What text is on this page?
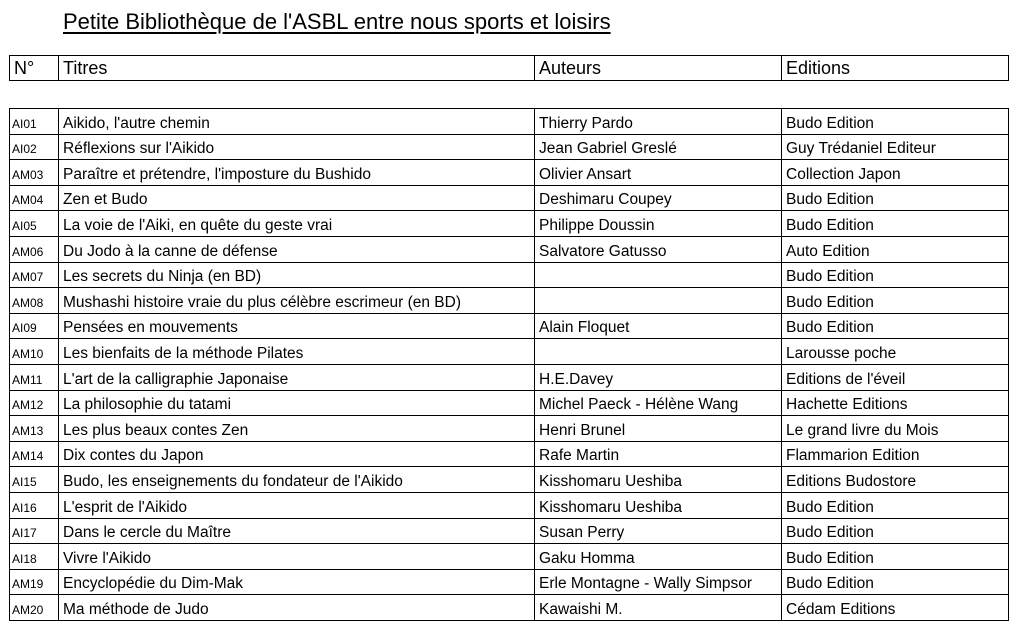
Petite Bibliothèque de l'ASBL entre nous sports et loisirs
N°	Titres	Auteurs	Editions
AI01	Aikido, l'autre chemin	Thierry Pardo	Budo Edition
AI02	Réflexions sur l'Aikido	Jean Gabriel Greslé	Guy Trédaniel Editeur
AM03	Paraître et prétendre, l'imposture du Bushido	Olivier Ansart	Collection Japon
AM04	Zen et Budo	Deshimaru Coupey	Budo Edition
AI05	La voie de l'Aiki, en quête du geste vrai	Philippe Doussin	Budo Edition
AM06	Du Jodo à la canne de défense	Salvatore Gatusso	Auto Edition
AM07	Les secrets du Ninja (en BD)		Budo Edition
AM08	Mushashi histoire vraie du plus célèbre escrimeur (en BD)		Budo Edition
AI09	Pensées en mouvements	Alain Floquet	Budo Edition
AM10	Les bienfaits de la méthode Pilates		Larousse poche
AM11	L'art de la calligraphie Japonaise	H.E.Davey	Editions de l'éveil
AM12	La philosophie du tatami	Michel Paeck - Hélène Wang	Hachette Editions
AM13	Les plus beaux contes Zen	Henri Brunel	Le grand livre du Mois
AM14	Dix contes du Japon	Rafe Martin	Flammarion Edition
AI15	Budo, les enseignements du fondateur de l'Aikido	Kisshomaru Ueshiba	Editions Budostore
AI16	L'esprit de l'Aikido	Kisshomaru Ueshiba	Budo Edition
AI17	Dans le cercle du Maître	Susan Perry	Budo Edition
AI18	Vivre l'Aikido	Gaku Homma	Budo Edition
AM19	Encyclopédie du Dim-Mak	Erle Montagne - Wally Simpsor	Budo Edition
AM20	Ma méthode de Judo	Kawaishi M.	Cédam Editions
